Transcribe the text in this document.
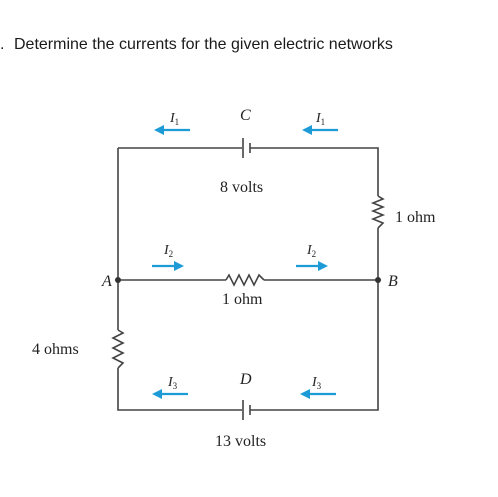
. Determine the currents for the given electric networks
A	B
C
D
8 volts
1 ohm
1 ohm
4 ohms
13 volts
$I_1$	$I_1$
$I_2$	$I_2$
$I_3$	$I_3$
